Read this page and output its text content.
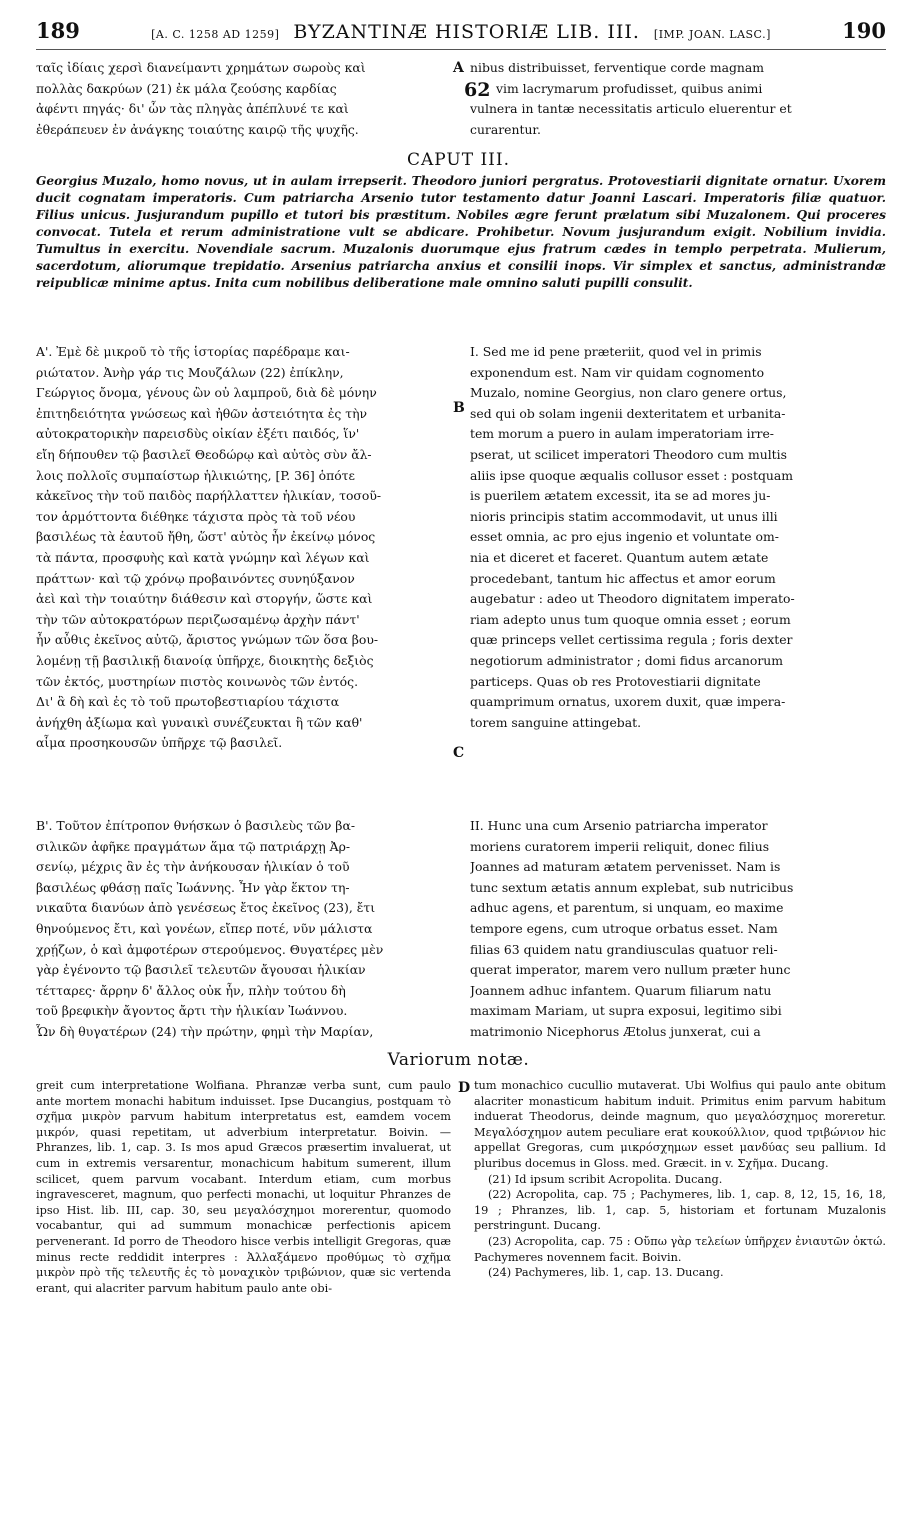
189	[A. C. 1258 AD 1259] BYZANTINÆ HISTORIÆ LIB. III. [IMP. JOAN. LASC.]	190
ταῖς ἰδίαις χερσὶ διανείμαντι χρημάτων σωροὺς καὶ
πολλὰς δακρύων (21) ἐκ μάλα ζεούσης καρδίας
ἀφέντι πηγάς· δι' ὧν τὰς πληγὰς ἀπέπλυνέ τε καὶ
ἐθεράπευεν ἐν ἀνάγκης τοιαύτης καιρῷ τῆς ψυχῆς.
A
62
nibus distribuisset, ferventique corde magnam
vim lacrymarum profudisset, quibus animi
vulnera in tantæ necessitatis articulo eluerentur et
curarentur.
CAPUT III.
Georgius Muzalo, homo novus, ut in aulam irrepserit. Theodoro juniori pergratus. Protovestiarii dignitate ornatur. Uxorem ducit cognatam imperatoris. Cum patriarcha Arsenio tutor testamento datur Joanni Lascari. Imperatoris filiæ quatuor. Filius unicus. Jusjurandum pupillo et tutori bis præstitum. Nobiles ægre ferunt prælatum sibi Muzalonem. Qui proceres convocat. Tutela et rerum administratione vult se abdicare. Prohibetur. Novum jusjurandum exigit. Nobilium invidia. Tumultus in exercitu. Novendiale sacrum. Muzalonis duorumque ejus fratrum cædes in templo perpetrata. Mulierum, sacerdotum, aliorumque trepidatio. Arsenius patriarcha anxius et consilii inops. Vir simplex et sanctus, administrandæ reipublicæ minime aptus. Inita cum nobilibus deliberatione male omnino saluti pupilli consulit.
Α'. Ἐμὲ δὲ μικροῦ τὸ τῆς ἱστορίας παρέδραμε και-
ριώτατον. Ἀνὴρ γάρ τις Μουζάλων (22) ἐπίκλην,
Γεώργιος ὄνομα, γένους ὢν οὐ λαμπροῦ, διὰ δὲ μόνην
ἐπιτηδειότητα γνώσεως καὶ ἠθῶν ἀστειότητα ἐς τὴν
αὐτοκρατορικὴν παρεισδὺς οἰκίαν ἐξέτι παιδός, ἵν'
εἴη δήπουθεν τῷ βασιλεῖ Θεοδώρῳ καὶ αὐτὸς σὺν ἄλ-
λοις πολλοῖς συμπαίστωρ ἡλικιώτης, [P. 36] ὁπότε
κἀκεῖνος τὴν τοῦ παιδὸς παρήλλαττεν ἡλικίαν, τοσοῦ-
τον ἁρμόττοντα διέθηκε τάχιστα πρὸς τὰ τοῦ νέου
βασιλέως τὰ ἑαυτοῦ ἤθη, ὥστ' αὐτὸς ἦν ἐκείνῳ μόνος
τὰ πάντα, προσφυὴς καὶ κατὰ γνώμην καὶ λέγων καὶ
πράττων· καὶ τῷ χρόνῳ προβαινόντες συνηύξανον
ἀεὶ καὶ τὴν τοιαύτην διάθεσιν καὶ στοργήν, ὥστε καὶ
τὴν τῶν αὐτοκρατόρων περιζωσαμένῳ ἀρχὴν πάντ'
ἦν αὖθις ἐκεῖνος αὐτῷ, ἄριστος γνώμων τῶν ὅσα βου-
λομένῃ τῇ βασιλικῇ διανοίᾳ ὑπῆρχε, διοικητὴς δεξιὸς
τῶν ἐκτός, μυστηρίων πιστὸς κοινωνὸς τῶν ἐντός.
Δι' ἃ δὴ καὶ ἐς τὸ τοῦ πρωτοβεστιαρίου τάχιστα
ἀνήχθη ἀξίωμα καὶ γυναικὶ συνέζευκται ἣ τῶν καθ'
αἷμα προσηκουσῶν ὑπῆρχε τῷ βασιλεῖ.
B
C
I. Sed me id pene præteriit, quod vel in primis
exponendum est. Nam vir quidam cognomento
Muzalo, nomine Georgius, non claro genere ortus,
sed qui ob solam ingenii dexteritatem et urbanita-
tem morum a puero in aulam imperatoriam irre-
pserat, ut scilicet imperatori Theodoro cum multis
aliis ipse quoque æqualis collusor esset : postquam
is puerilem ætatem excessit, ita se ad mores ju-
nioris principis statim accommodavit, ut unus illi
esset omnia, ac pro ejus ingenio et voluntate om-
nia et diceret et faceret. Quantum autem ætate
procedebant, tantum hic affectus et amor eorum
augebatur : adeo ut Theodoro dignitatem imperato-
riam adepto unus tum quoque omnia esset ; eorum
quæ princeps vellet certissima regula ; foris dexter
negotiorum administrator ; domi fidus arcanorum
particeps. Quas ob res Protovestiarii dignitate
quamprimum ornatus, uxorem duxit, quæ impera-
torem sanguine attingebat.
Β'. Τοῦτον ἐπίτροπον θνήσκων ὁ βασιλεὺς τῶν βα-
σιλικῶν ἀφῆκε πραγμάτων ἅμα τῷ πατριάρχῃ Ἀρ-
σενίῳ, μέχρις ἂν ἐς τὴν ἀνήκουσαν ἡλικίαν ὁ τοῦ
βασιλέως φθάσῃ παῖς Ἰωάννης. Ἦν γὰρ ἕκτον τη-
νικαῦτα διανύων ἀπὸ γενέσεως ἔτος ἐκεῖνος (23), ἔτι
θηνούμενος ἔτι, καὶ γονέων, εἴπερ ποτέ, νῦν μάλιστα
χρῄζων, ὁ καὶ ἀμφοτέρων στερούμενος. Θυγατέρες μὲν
γὰρ ἐγένοντο τῷ βασιλεῖ τελευτῶν ἄγουσαι ἡλικίαν
τέτταρες· ἄρρην δ' ἄλλος οὐκ ἦν, πλὴν τούτου δὴ
τοῦ βρεφικὴν ἄγοντος ἄρτι τὴν ἡλικίαν Ἰωάννου.
Ὧν δὴ θυγατέρων (24) τὴν πρώτην, φημὶ τὴν Μαρίαν,
II. Hunc una cum Arsenio patriarcha imperator
moriens curatorem imperii reliquit, donec filius
Joannes ad maturam ætatem pervenisset. Nam is
tunc sextum ætatis annum explebat, sub nutricibus
adhuc agens, et parentum, si unquam, eo maxime
tempore egens, cum utroque orbatus esset. Nam
filias 63 quidem natu grandiusculas quatuor reli-
querat imperator, marem vero nullum præter hunc
Joannem adhuc infantem. Quarum filiarum natu
maximam Mariam, ut supra exposui, legitimo sibi
matrimonio Nicephorus Ætolus junxerat, cui a
Variorum notæ.
D

greit cum interpretatione Wolfiana. Phranzæ verba sunt, cum paulo ante mortem monachi habitum induisset. Ipse Ducangius, postquam τὸ σχῆμα μικρὸν parvum habitum interpretatus est, eamdem vocem μικρόν, quasi repetitam, ut adverbium interpretatur. Boivin. — Phranzes, lib. 1, cap. 3. Is mos apud Græcos præsertim invaluerat, ut cum in extremis versarentur, monachicum habitum sumerent, illum scilicet, quem parvum vocabant. Interdum etiam, cum morbus ingravesceret, magnum, quo perfecti monachi, ut loquitur Phranzes de ipso Hist. lib. III, cap. 30, seu μεγαλόσχημοι morerentur, quomodo vocabantur, qui ad summum monachicæ perfectionis apicem pervenerant. Id porro de Theodoro hisce verbis intelligit Gregoras, quæ minus recte reddidit interpres : Ἀλλαξάμενο προθύμως τὸ σχῆμα μικρὸν πρὸ τῆς τελευτῆς ἐς τὸ μοναχικὸν τριβώνιον, quæ sic vertenda erant, qui alacriter parvum habitum paulo ante obi-

tum monachico cucullio mutaverat. Ubi Wolfius qui paulo ante obitum alacriter monasticum habitum induit. Primitus enim parvum habitum induerat Theodorus, deinde magnum, quo μεγαλόσχημος moreretur. Μεγαλόσχημον autem peculiare erat κουκούλλιον, quod τριβώνιον hic appellat Gregoras, cum μικρόσχημων esset μανδύας seu pallium. Id pluribus docemus in Gloss. med. Græcit. in v. Σχῆμα. Ducang.

(21) Id ipsum scribit Acropolita. Ducang.

(22) Acropolita, cap. 75 ; Pachymeres, lib. 1, cap. 8, 12, 15, 16, 18, 19 ; Phranzes, lib. 1, cap. 5, historiam et fortunam Muzalonis perstringunt. Ducang.

(23) Acropolita, cap. 75 : Οὔπω γὰρ τελείων ὑπῆρχεν ἐνιαυτῶν ὀκτώ. Pachymeres novennem facit. Boivin.

(24) Pachymeres, lib. 1, cap. 13. Ducang.
